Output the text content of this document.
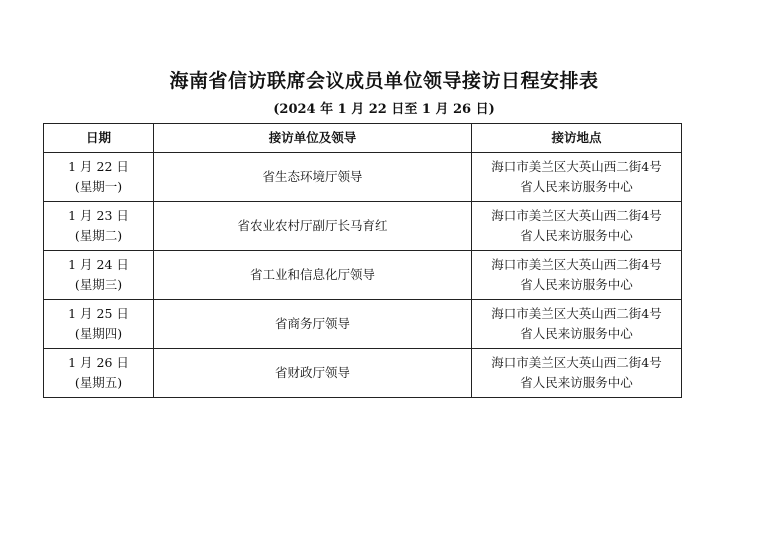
海南省信访联席会议成员单位领导接访日程安排表
(2024 年 1 月 22 日至 1 月 26 日)
日期	接访单位及领导	接访地点

1 月 22 日
(星期一)	省生态环境厅领导	海口市美兰区大英山西二街4号
省人民来访服务中心

1 月 23 日
(星期二)	省农业农村厅副厅长马育红	海口市美兰区大英山西二街4号
省人民来访服务中心

1 月 24 日
(星期三)	省工业和信息化厅领导	海口市美兰区大英山西二街4号
省人民来访服务中心

1 月 25 日
(星期四)	省商务厅领导	海口市美兰区大英山西二街4号
省人民来访服务中心

1 月 26 日
(星期五)	省财政厅领导	海口市美兰区大英山西二街4号
省人民来访服务中心
